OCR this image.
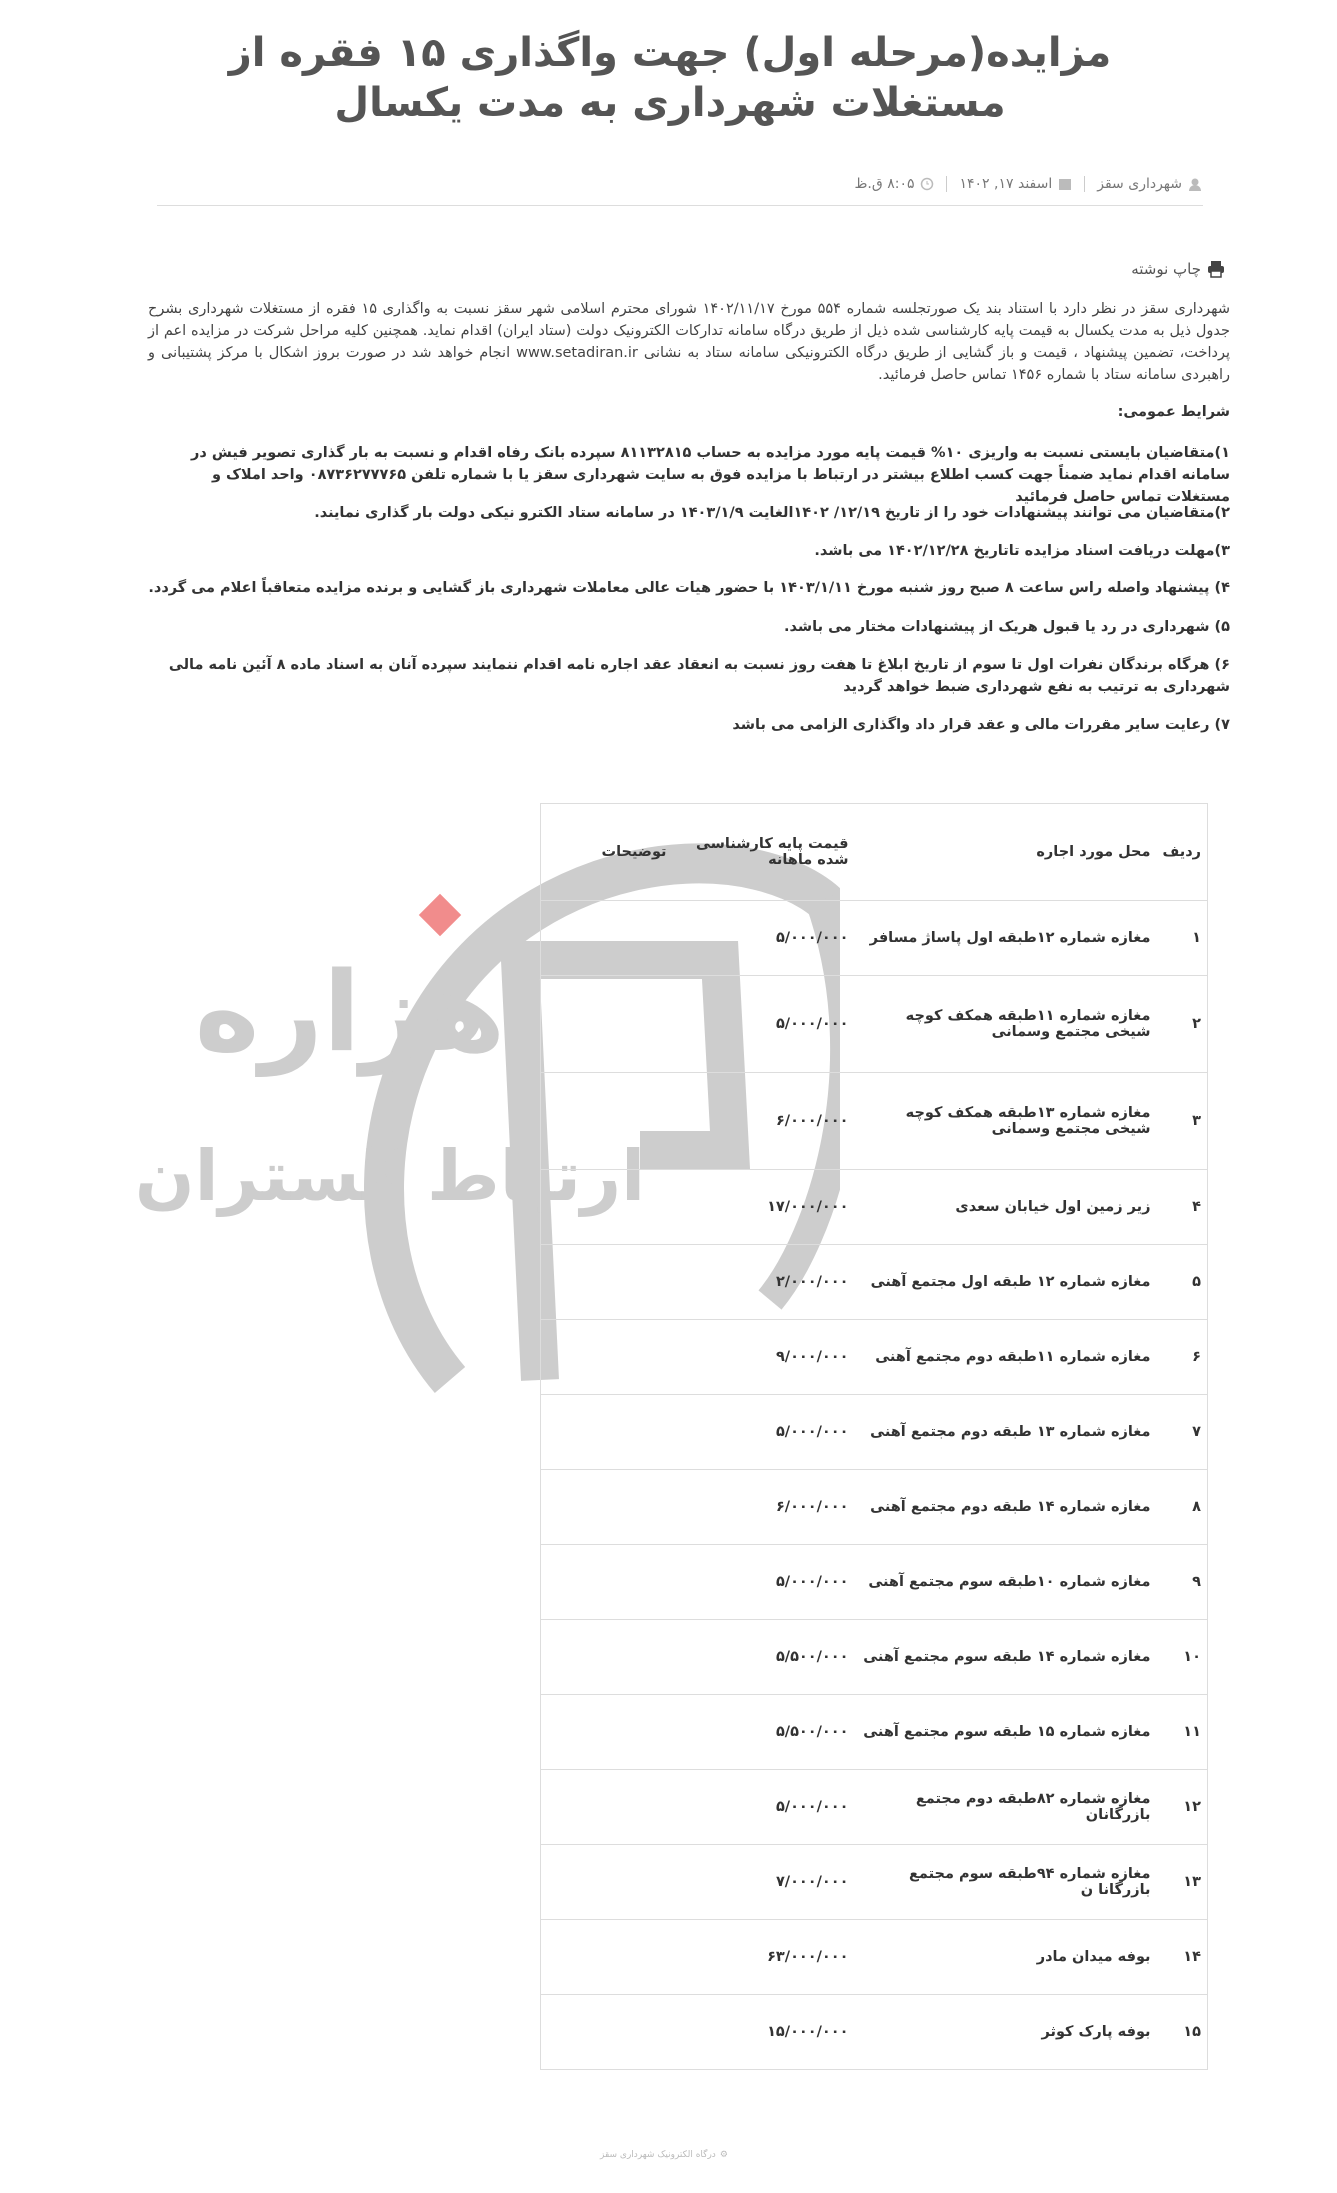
مزایده(مرحله اول) جهت واگذاری ۱۵ فقره از مستغلات شهرداری به مدت یکسال
شهرداری سقز
اسفند ۱۷, ۱۴۰۲
۸:۰۵ ق.ظ
چاپ نوشته
شهرداری سقز در نظر دارد با استناد بند یک صورتجلسه شماره ۵۵۴ مورخ ۱۴۰۲/۱۱/۱۷ شورای محترم اسلامی شهر سقز نسبت به واگذاری ۱۵ فقره از مستغلات شهرداری بشرح جدول ذیل به مدت یکسال به قیمت پایه کارشناسی شده ذیل از طریق درگاه سامانه تدارکات الکترونیک دولت (ستاد ایران) اقدام نماید. همچنین کلیه مراحل شرکت در مزایده اعم از پرداخت، تضمین پیشنهاد ، قیمت و باز گشایی از طریق درگاه الکترونیکی سامانه ستاد به نشانی www.setadiran.ir انجام خواهد شد در صورت بروز اشکال با مرکز پشتیبانی و راهبردی سامانه ستاد با شماره ۱۴۵۶ تماس حاصل فرمائید.
شرایط عمومی:
۱)متقاضیان بایستی نسبت به واریزی ۱۰% قیمت پایه مورد مزایده به حساب ۸۱۱۳۲۸۱۵ سپرده بانک رفاه اقدام و نسبت به بار گذاری تصویر فیش در سامانه اقدام نماید ضمناً جهت کسب اطلاع بیشتر در ارتباط با مزایده فوق به سایت شهرداری سقز یا با شماره تلفن ۰۸۷۳۶۲۷۷۷۶۵ واحد املاک و مستغلات تماس حاصل فرمائید
۲)متقاضیان می توانند پیشنهادات خود را از تاریخ ۱۲/۱۹/ ۱۴۰۲الغایت ۱۴۰۳/۱/۹ در سامانه ستاد الکترو نیکی دولت بار گذاری نمایند.
۳)مهلت دریافت اسناد مزایده تاتاریخ ۱۴۰۲/۱۲/۲۸ می باشد.
۴) پیشنهاد واصله راس ساعت ۸ صبح روز شنبه مورخ ۱۴۰۳/۱/۱۱ با حضور هیات عالی معاملات شهرداری باز گشایی و برنده مزایده متعاقباً اعلام می گردد.
۵) شهرداری در رد یا قبول هریک از پیشنهادات مختار می باشد.
۶) هرگاه برندگان نفرات اول تا سوم از تاریخ ابلاغ تا هفت روز نسبت به انعقاد عقد اجاره نامه اقدام ننمایند سپرده آنان به اسناد ماده ۸ آئین نامه مالی شهرداری به ترتیب به نفع شهرداری ضبط خواهد گردید
۷) رعایت سایر مقررات مالی و عقد قرار داد واگذاری الزامی می باشد
هزاره
ارتباط گستران
ردیف	محل مورد اجاره	قیمت پایه کارشناسی شده ماهانه	توضیحات
۱	مغازه شماره ۱۲طبقه اول پاساژ مسافر	۵/۰۰۰/۰۰۰	
۲	مغازه شماره ۱۱طبقه همکف کوچه شیخی مجتمع وسمانی	۵/۰۰۰/۰۰۰	
۳	مغازه شماره ۱۳طبقه همکف کوچه شیخی مجتمع وسمانی	۶/۰۰۰/۰۰۰	
۴	زیر زمین اول خیابان سعدی	۱۷/۰۰۰/۰۰۰	
۵	مغازه شماره ۱۲ طبقه اول مجتمع آهنی	۲/۰۰۰/۰۰۰	
۶	مغازه شماره ۱۱طبقه دوم مجتمع آهنی	۹/۰۰۰/۰۰۰	
۷	مغازه شماره ۱۳ طبقه دوم مجتمع آهنی	۵/۰۰۰/۰۰۰	
۸	مغازه شماره ۱۴ طبقه دوم مجتمع آهنی	۶/۰۰۰/۰۰۰	
۹	مغازه شماره ۱۰طبقه سوم مجتمع آهنی	۵/۰۰۰/۰۰۰	
۱۰	مغازه شماره ۱۴ طبقه سوم مجتمع آهنی	۵/۵۰۰/۰۰۰	
۱۱	مغازه شماره ۱۵ طبقه سوم مجتمع آهنی	۵/۵۰۰/۰۰۰	
۱۲	مغازه شماره ۸۲طبقه دوم مجتمع بازرگانان	۵/۰۰۰/۰۰۰	
۱۳	مغازه شماره ۹۴طبقه سوم مجتمع بازرگانا ن	۷/۰۰۰/۰۰۰	
۱۴	بوفه میدان مادر	۶۳/۰۰۰/۰۰۰	
۱۵	بوفه پارک کوثر	۱۵/۰۰۰/۰۰۰	
⚙
درگاه الکترونیک شهرداری سقز
